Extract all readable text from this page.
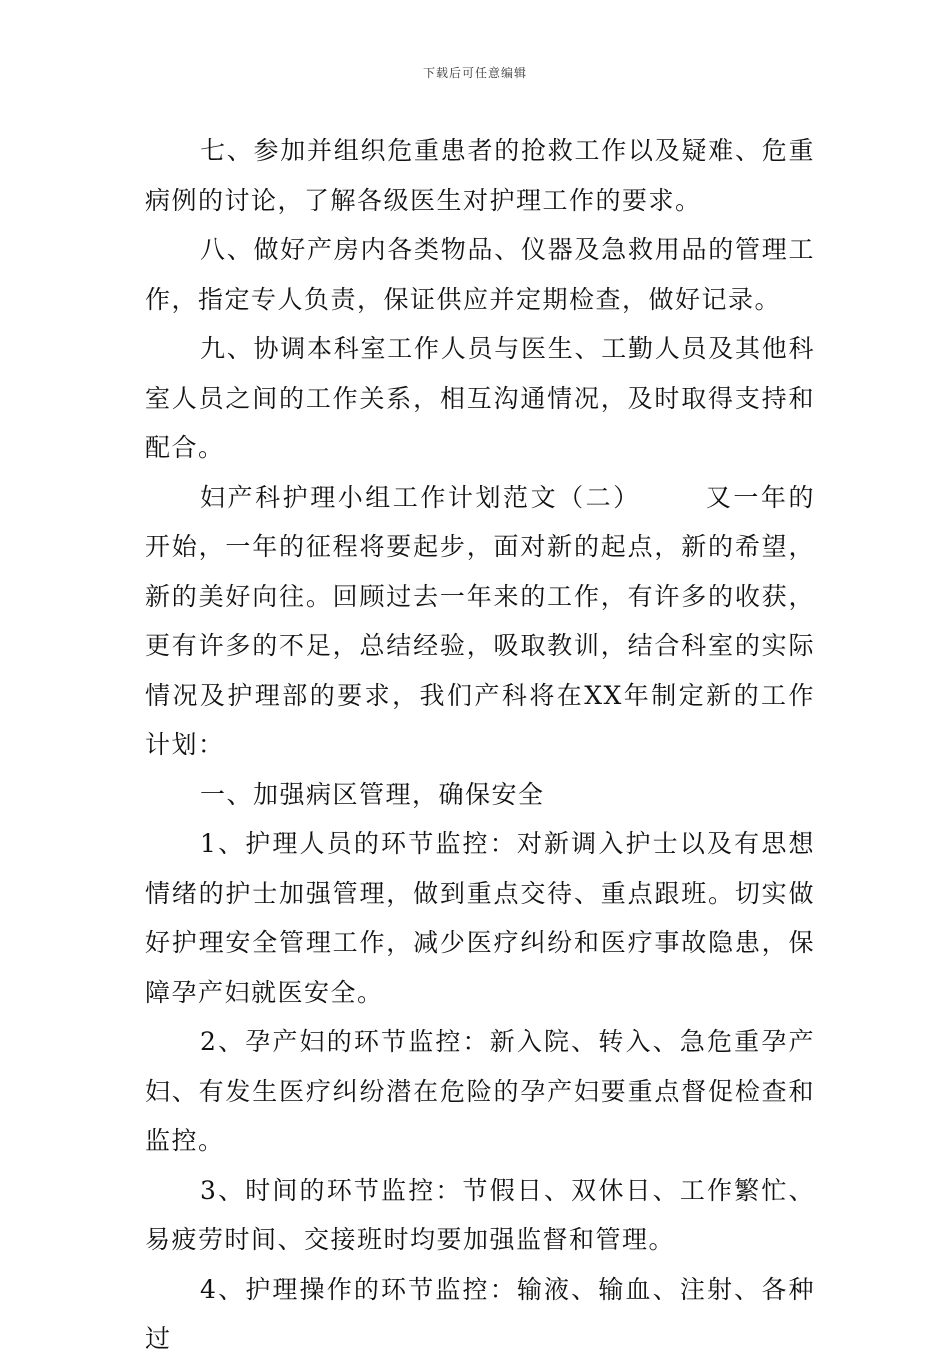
下载后可任意编辑

七、参加并组织危重患者的抢救工作以及疑难、危重病例的讨论，了解各级医生对护理工作的要求。

八、做好产房内各类物品、仪器及急救用品的管理工作，指定专人负责，保证供应并定期检查，做好记录。

九、协调本科室工作人员与医生、工勤人员及其他科室人员之间的工作关系，相互沟通情况，及时取得支持和配合。

妇产科护理小组工作计划范文（二）	又一年的开始，一年的征程将要起步，面对新的起点，新的希望，新的美好向往。回顾过去一年来的工作，有许多的收获，更有许多的不足，总结经验，吸取教训，结合科室的实际情况及护理部的要求，我们产科将在XX年制定新的工作计划：

一、加强病区管理，确保安全

1、护理人员的环节监控：对新调入护士以及有思想情绪的护士加强管理，做到重点交待、重点跟班。切实做好护理安全管理工作，减少医疗纠纷和医疗事故隐患，保障孕产妇就医安全。

2、孕产妇的环节监控：新入院、转入、急危重孕产妇、有发生医疗纠纷潜在危险的孕产妇要重点督促检查和监控。

3、时间的环节监控：节假日、双休日、工作繁忙、易疲劳时间、交接班时均要加强监督和管理。

4、护理操作的环节监控：输液、输血、注射、各种过
